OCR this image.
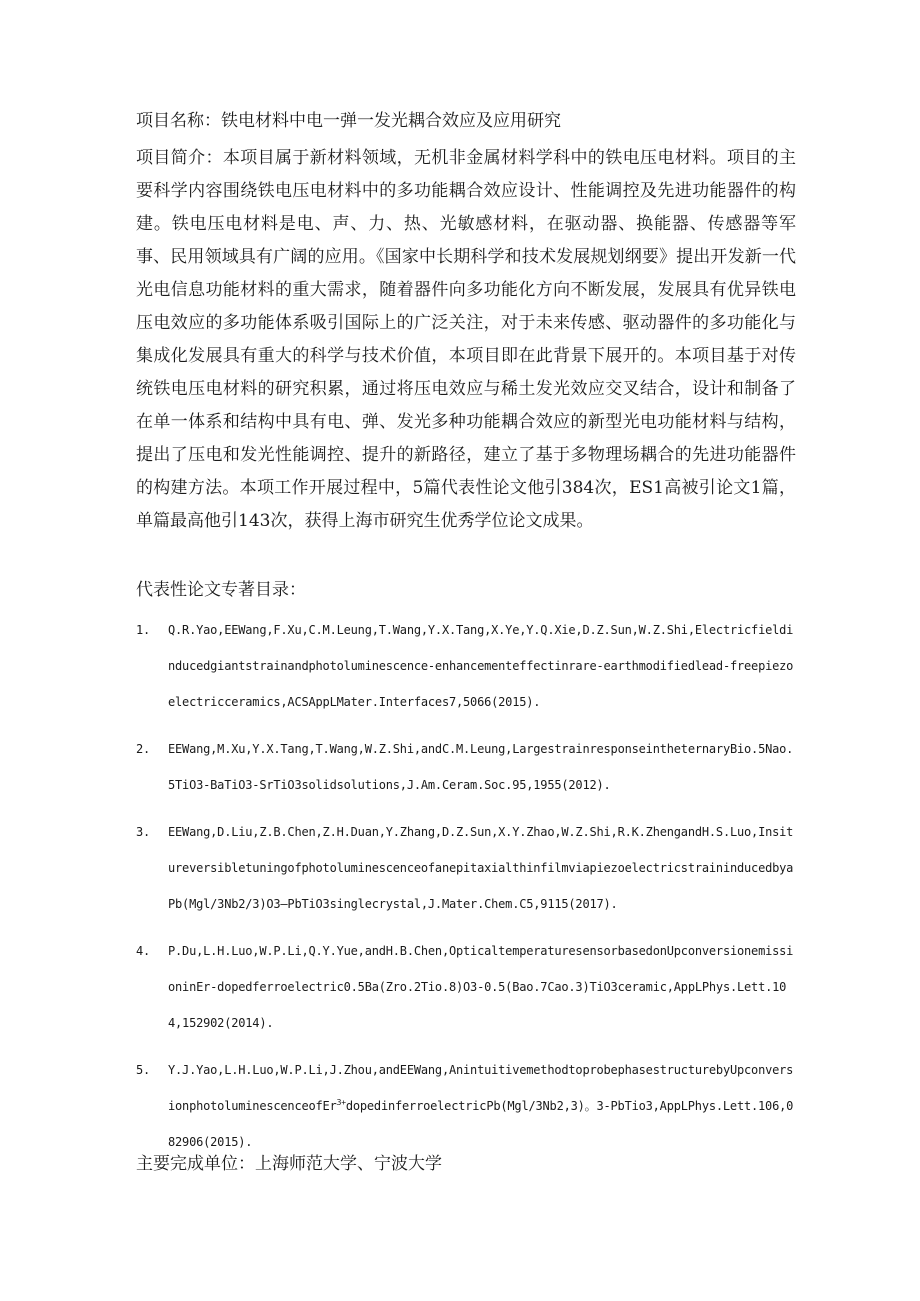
项目名称：铁电材料中电一弹一发光耦合效应及应用研究
项目简介：本项目属于新材料领域，无机非金属材料学科中的铁电压电材料。项目的主要科学内容围绕铁电压电材料中的多功能耦合效应设计、性能调控及先进功能器件的构建。铁电压电材料是电、声、力、热、光敏感材料，在驱动器、换能器、传感器等军事、民用领域具有广阔的应用。《国家中长期科学和技术发展规划纲要》提出开发新一代光电信息功能材料的重大需求，随着器件向多功能化方向不断发展，发展具有优异铁电压电效应的多功能体系吸引国际上的广泛关注，对于未来传感、驱动器件的多功能化与集成化发展具有重大的科学与技术价值，本项目即在此背景下展开的。本项目基于对传统铁电压电材料的研究积累，通过将压电效应与稀土发光效应交叉结合，设计和制备了在单一体系和结构中具有电、弹、发光多种功能耦合效应的新型光电功能材料与结构，提出了压电和发光性能调控、提升的新路径，建立了基于多物理场耦合的先进功能器件的构建方法。本项工作开展过程中，5篇代表性论文他引384次，ES1高被引论文1篇，单篇最高他引143次，获得上海市研究生优秀学位论文成果。
代表性论文专著目录：
1. Q.R.Yao,EEWang,F.Xu,C.M.Leung,T.Wang,Y.X.Tang,X.Ye,Y.Q.Xie,D.Z.Sun,W.Z.Shi,Electricfieldinducedgiantstrainandphotoluminescence-enhancementeffectinrare-earthmodifiedlead-freepiezoelectricceramics,ACSAppLMater.Interfaces7,5066(2015).
2. EEWang,M.Xu,Y.X.Tang,T.Wang,W.Z.Shi,andC.M.Leung,LargestrainresponseintheternaryBio.5Nao.5TiO3-BaTiO3-SrTiO3solidsolutions,J.Am.Ceram.Soc.95,1955(2012).
3. EEWang,D.Liu,Z.B.Chen,Z.H.Duan,Y.Zhang,D.Z.Sun,X.Y.Zhao,W.Z.Shi,R.K.ZhengandH.S.Luo,InsitureversibletuningofphotoluminescenceofanepitaxialthinfilmviapiezoelectricstraininducedbyaPb(Mgl/3Nb2/3)O3—PbTiO3singlecrystal,J.Mater.Chem.C5,9115(2017).
4. P.Du,L.H.Luo,W.P.Li,Q.Y.Yue,andH.B.Chen,OpticaltemperaturesensorbasedonUpconversionemissioninEr-dopedferroelectric0.5Ba(Zro.2Tio.8)O3-0.5(Bao.7Cao.3)TiO3ceramic,AppLPhys.Lett.104,152902(2014).
5. Y.J.Yao,L.H.Luo,W.P.Li,J.Zhou,andEEWang,AnintuitivemethodtoprobephasestructurebyUpconversionphotoluminescenceofEr$^{3+}$dopedinferroelectricPb(Mgl/3Nb2,3)。3-PbTio3,AppLPhys.Lett.106,082906(2015).
主要完成单位：上海师范大学、宁波大学
